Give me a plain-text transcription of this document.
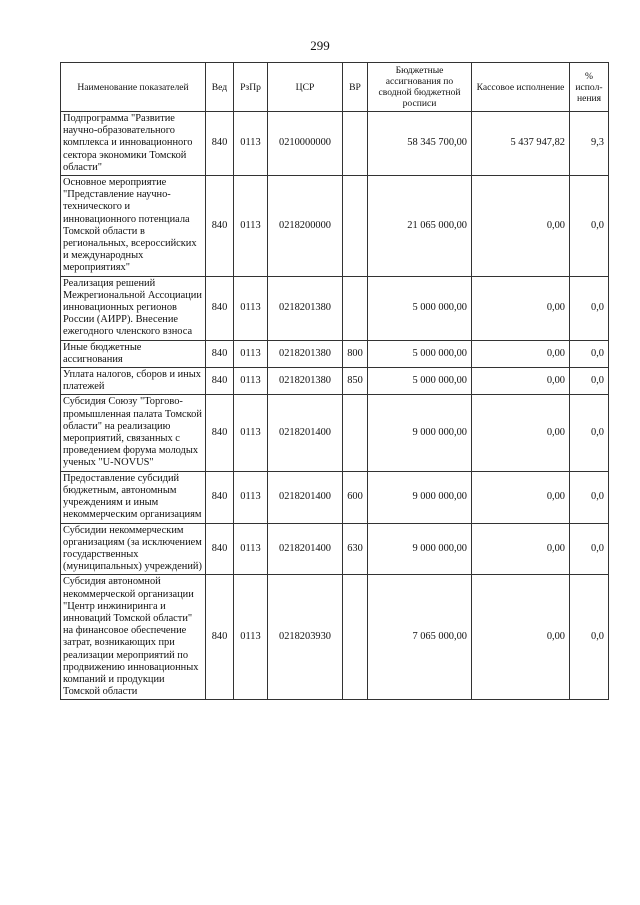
299
Наименование показателей	Вед	РзПр	ЦСР	ВР	Бюджетные ассигнования по сводной бюджетной росписи	Кассовое исполнение	% испол-нения
Подпрограмма "Развитие научно-образовательного комплекса и инновационного сектора экономики Томской области"	840	0113	0210000000		58 345 700,00	5 437 947,82	9,3
Основное мероприятие "Представление научно-технического и инновационного потенциала Томской области в региональных, всероссийских и международных мероприятиях"	840	0113	0218200000		21 065 000,00	0,00	0,0
Реализация решений Межрегиональной Ассоциации инновационных регионов России (АИРР). Внесение ежегодного членского взноса	840	0113	0218201380		5 000 000,00	0,00	0,0
Иные бюджетные ассигнования	840	0113	0218201380	800	5 000 000,00	0,00	0,0
Уплата налогов, сборов и иных платежей	840	0113	0218201380	850	5 000 000,00	0,00	0,0
Субсидия Союзу "Торгово-промышленная палата Томской области" на реализацию мероприятий, связанных с проведением форума молодых ученых "U-NOVUS"	840	0113	0218201400		9 000 000,00	0,00	0,0
Предоставление субсидий бюджетным, автономным учреждениям и иным некоммерческим организациям	840	0113	0218201400	600	9 000 000,00	0,00	0,0
Субсидии некоммерческим организациям (за исключением государственных (муниципальных) учреждений)	840	0113	0218201400	630	9 000 000,00	0,00	0,0
Субсидия автономной некоммерческой организации "Центр инжиниринга и инноваций Томской области" на финансовое обеспечение затрат, возникающих при реализации мероприятий по продвижению инновационных компаний и продукции Томской области	840	0113	0218203930		7 065 000,00	0,00	0,0
